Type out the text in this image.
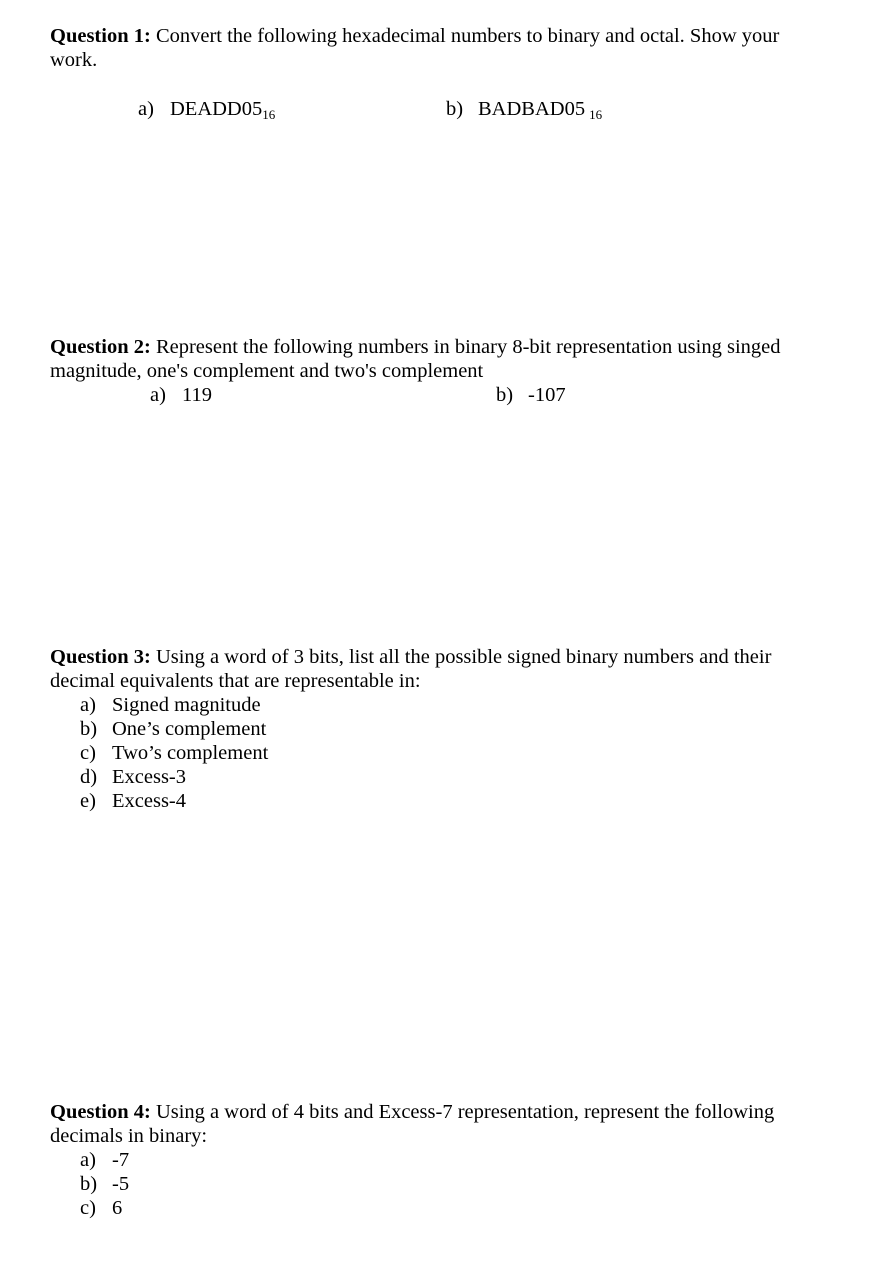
Question 1: Convert the following hexadecimal numbers to binary and octal. Show your
work.
a) DEADD0516	b) BADBAD05 16
Question 2: Represent the following numbers in binary 8-bit representation using singed
magnitude, one's complement and two's complement
a) 119	b) -107
Question 3: Using a word of 3 bits, list all the possible signed binary numbers and their
decimal equivalents that are representable in:
a) Signed magnitude
b) One’s complement
c) Two’s complement
d) Excess-3
e) Excess-4
Question 4: Using a word of 4 bits and Excess-7 representation, represent the following
decimals in binary:
a) -7
b) -5
c) 6
